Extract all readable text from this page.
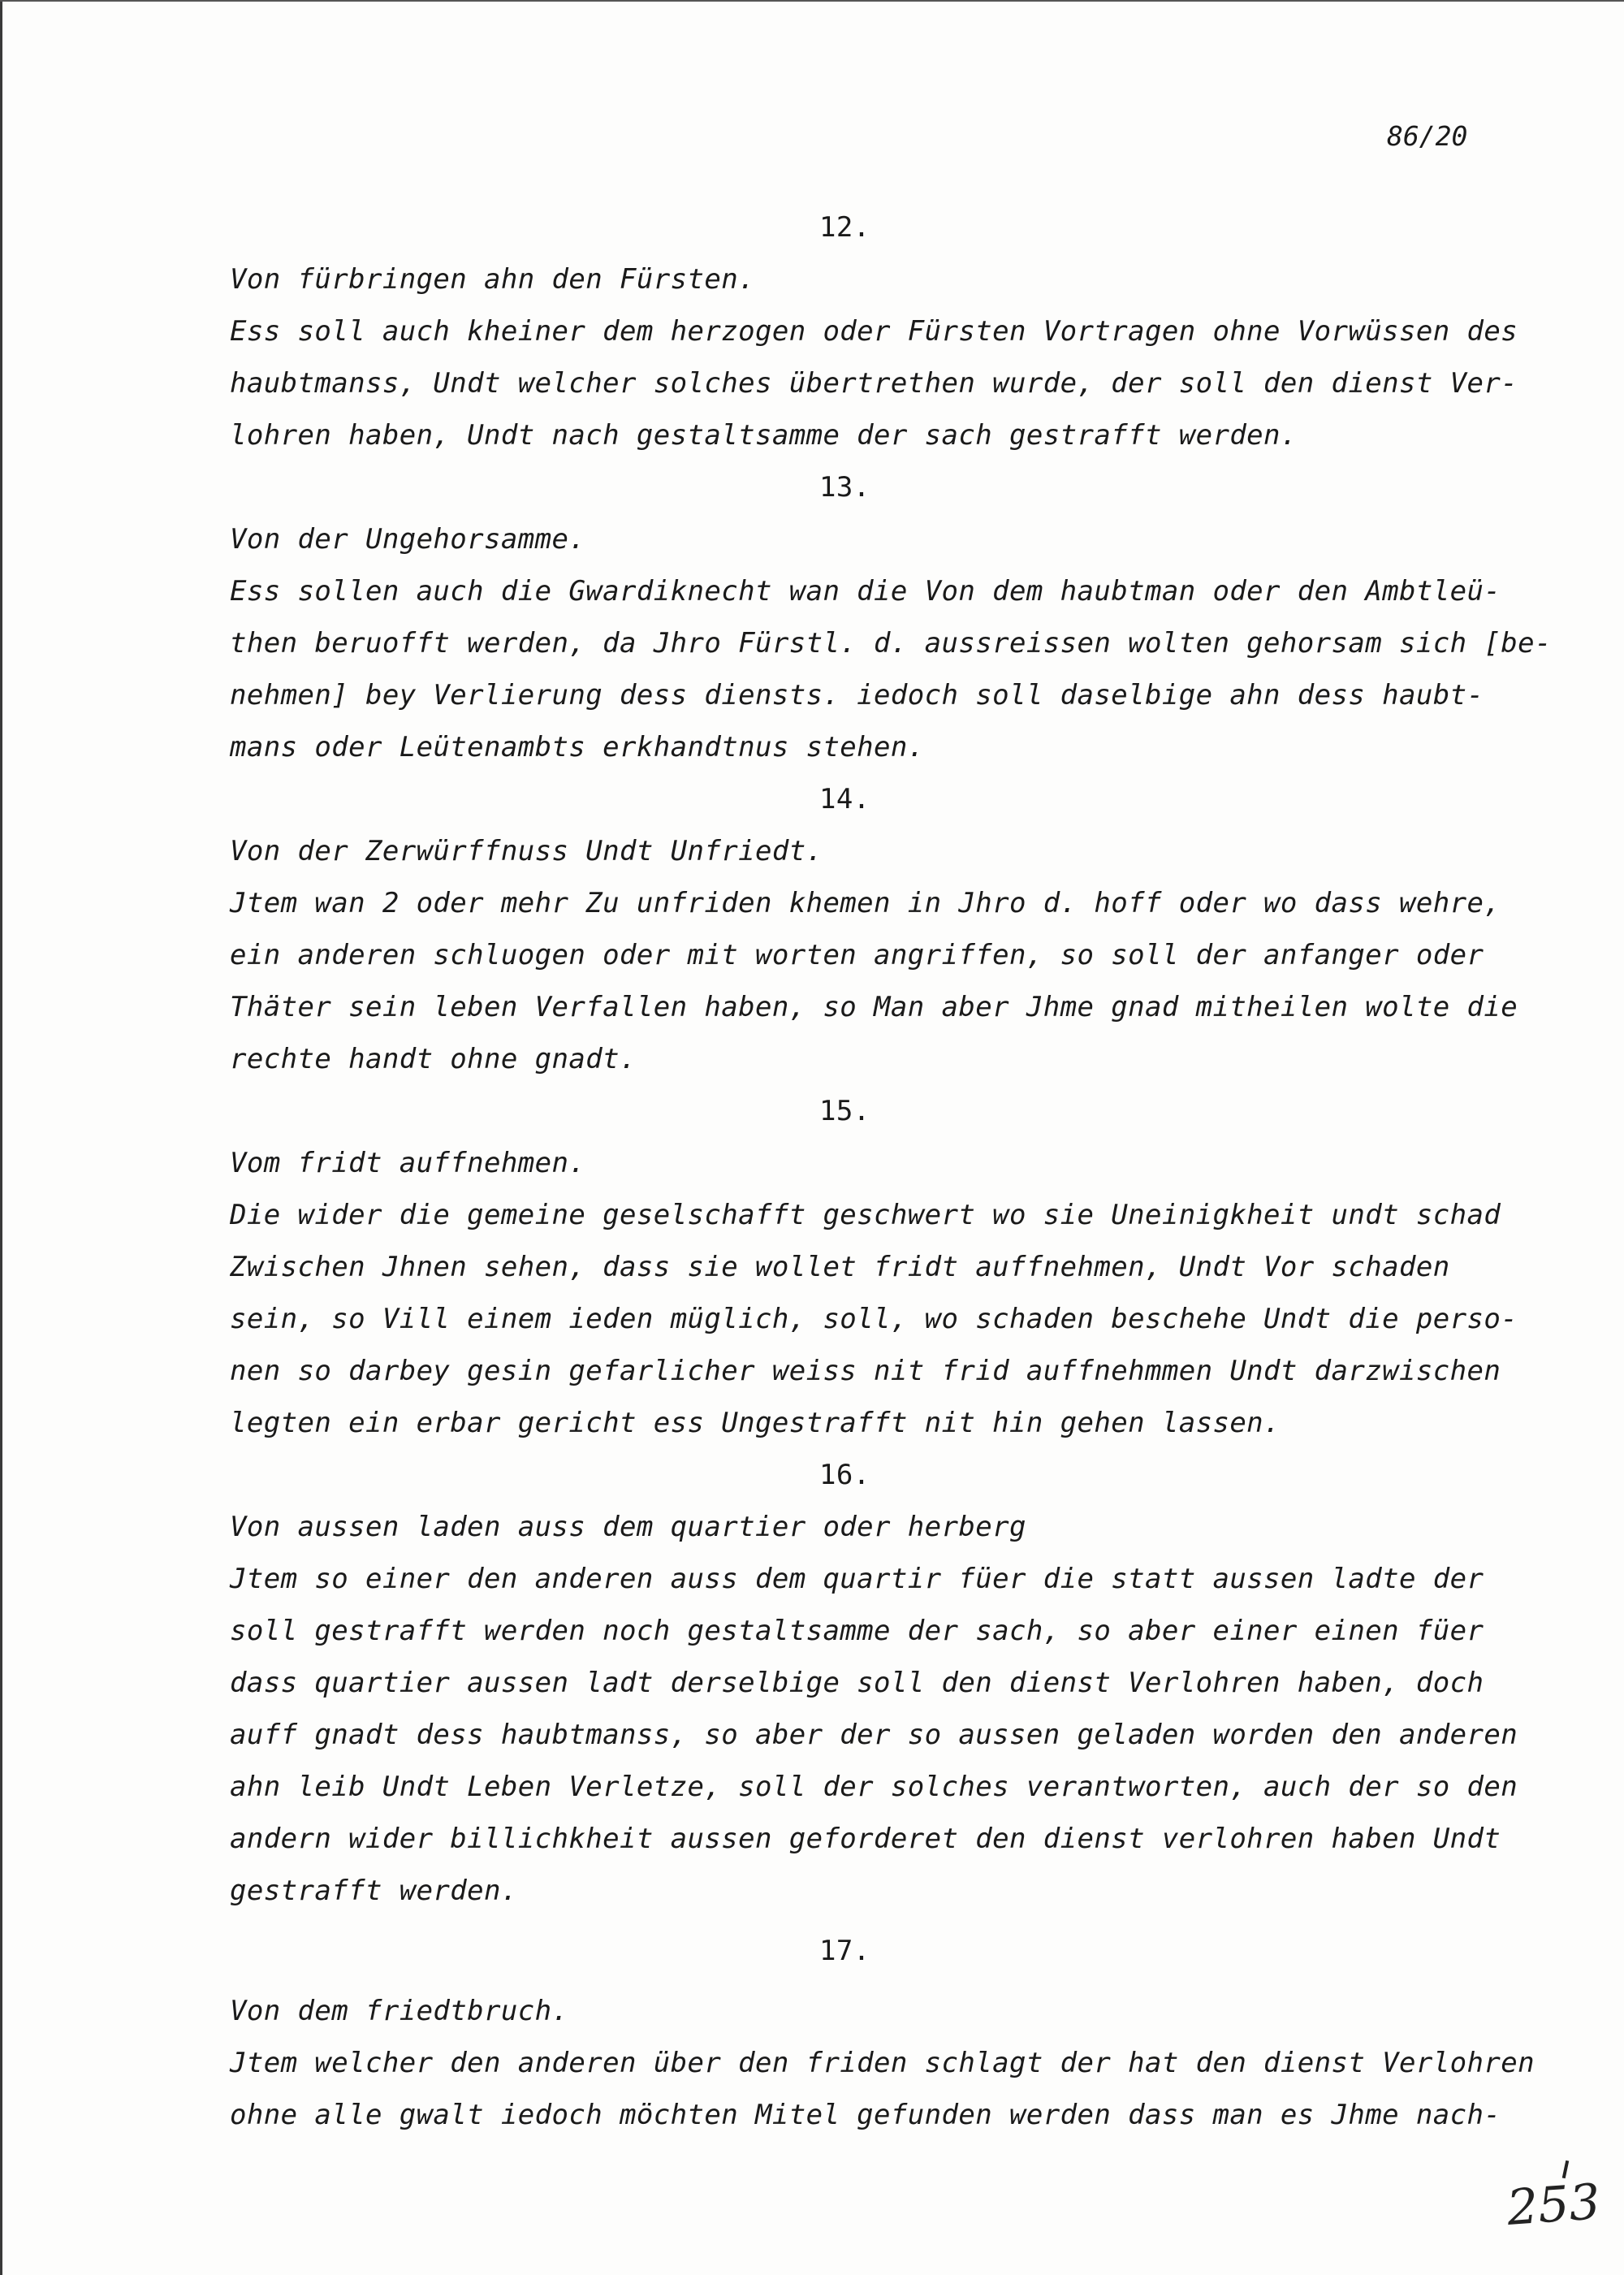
86/20
12.
Von fürbringen ahn den Fürsten.
Ess soll auch kheiner dem herzogen oder Fürsten Vortragen ohne Vorwüssen des
haubtmanss, Undt welcher solches übertrethen wurde, der soll den dienst Ver-
lohren haben, Undt nach gestaltsamme der sach gestrafft werden.
13.
Von der Ungehorsamme.
Ess sollen auch die Gwardiknecht wan die Von dem haubtman oder den Ambtleü-
then beruofft werden, da Jhro Fürstl. d. aussreissen wolten gehorsam sich [be-
nehmen] bey Verlierung dess diensts. iedoch soll daselbige ahn dess haubt-
mans oder Leütenambts erkhandtnus stehen.
14.
Von der Zerwürffnuss Undt Unfriedt.
Jtem wan 2 oder mehr Zu unfriden khemen in Jhro d. hoff oder wo dass wehre,
ein anderen schluogen oder mit worten angriffen, so soll der anfanger oder
Thäter sein leben Verfallen haben, so Man aber Jhme gnad mitheilen wolte die
rechte handt ohne gnadt.
15.
Vom fridt auffnehmen.
Die wider die gemeine geselschafft geschwert wo sie Uneinigkheit undt schad
Zwischen Jhnen sehen, dass sie wollet fridt auffnehmen, Undt Vor schaden
sein, so Vill einem ieden müglich, soll, wo schaden beschehe Undt die perso-
nen so darbey gesin gefarlicher weiss nit frid auffnehmmen Undt darzwischen
legten ein erbar gericht ess Ungestrafft nit hin gehen lassen.
16.
Von aussen laden auss dem quartier oder herberg
Jtem so einer den anderen auss dem quartir füer die statt aussen ladte der
soll gestrafft werden noch gestaltsamme der sach, so aber einer einen füer
dass quartier aussen ladt derselbige soll den dienst Verlohren haben, doch
auff gnadt dess haubtmanss, so aber der so aussen geladen worden den anderen
ahn leib Undt Leben Verletze, soll der solches verantworten, auch der so den
andern wider billichkheit aussen geforderet den dienst verlohren haben Undt
gestrafft werden.
17.
Von dem friedtbruch.
Jtem welcher den anderen über den friden schlagt der hat den dienst Verlohren
ohne alle gwalt iedoch möchten Mitel gefunden werden dass man es Jhme nach-
253
